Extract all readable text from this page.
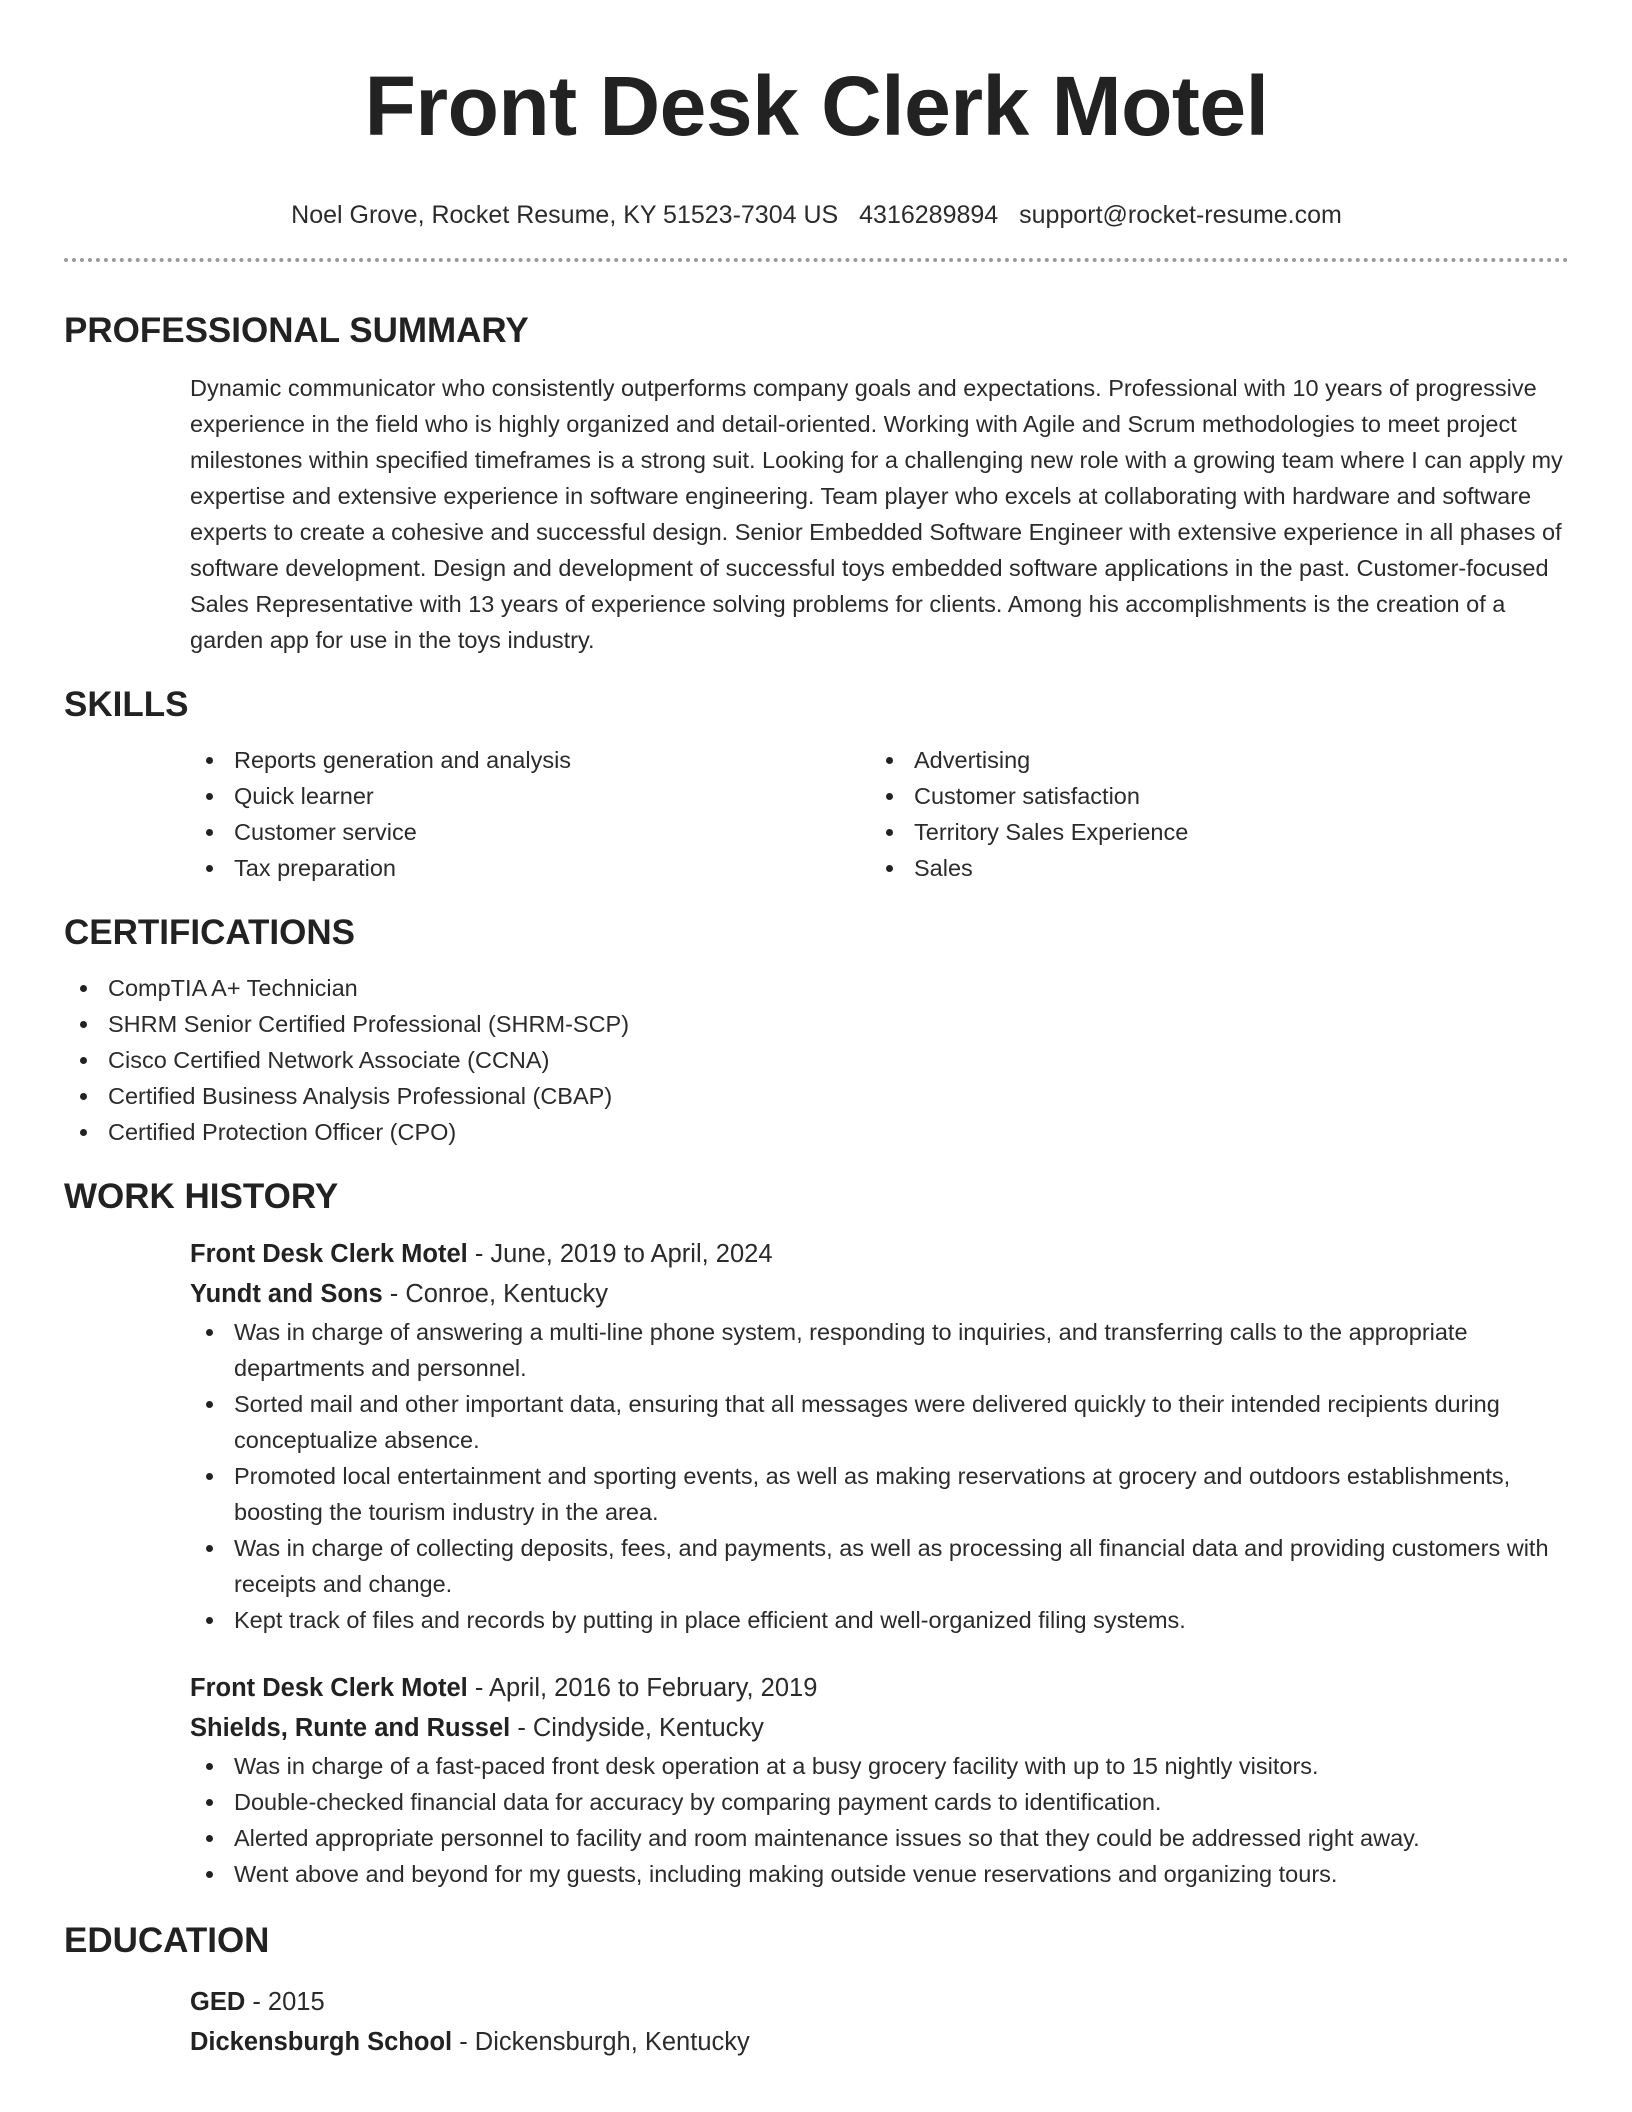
Front Desk Clerk Motel
Noel Grove, Rocket Resume, KY 51523-7304 US 4316289894 support@rocket-resume.com
PROFESSIONAL SUMMARY

Dynamic communicator who consistently outperforms company goals and expectations. Professional with 10 years of progressive experience in the field who is highly organized and detail-oriented. Working with Agile and Scrum methodologies to meet project milestones within specified timeframes is a strong suit. Looking for a challenging new role with a growing team where I can apply my expertise and extensive experience in software engineering. Team player who excels at collaborating with hardware and software experts to create a cohesive and successful design. Senior Embedded Software Engineer with extensive experience in all phases of software development. Design and development of successful toys embedded software applications in the past. Customer-focused Sales Representative with 13 years of experience solving problems for clients. Among his accomplishments is the creation of a garden app for use in the toys industry.

SKILLS
Reports generation and analysis
Quick learner
Customer service
Tax preparation
Advertising
Customer satisfaction
Territory Sales Experience
Sales
CERTIFICATIONS
CompTIA A+ Technician
SHRM Senior Certified Professional (SHRM-SCP)
Cisco Certified Network Associate (CCNA)
Certified Business Analysis Professional (CBAP)
Certified Protection Officer (CPO)
WORK HISTORY
Front Desk Clerk Motel - June, 2019 to April, 2024
Yundt and Sons - Conroe, Kentucky
Was in charge of answering a multi-line phone system, responding to inquiries, and transferring calls to the appropriate departments and personnel.
Sorted mail and other important data, ensuring that all messages were delivered quickly to their intended recipients during conceptualize absence.
Promoted local entertainment and sporting events, as well as making reservations at grocery and outdoors establishments, boosting the tourism industry in the area.
Was in charge of collecting deposits, fees, and payments, as well as processing all financial data and providing customers with receipts and change.
Kept track of files and records by putting in place efficient and well-organized filing systems.
Front Desk Clerk Motel - April, 2016 to February, 2019
Shields, Runte and Russel - Cindyside, Kentucky
Was in charge of a fast-paced front desk operation at a busy grocery facility with up to 15 nightly visitors.
Double-checked financial data for accuracy by comparing payment cards to identification.
Alerted appropriate personnel to facility and room maintenance issues so that they could be addressed right away.
Went above and beyond for my guests, including making outside venue reservations and organizing tours.
EDUCATION
GED - 2015
Dickensburgh School - Dickensburgh, Kentucky
